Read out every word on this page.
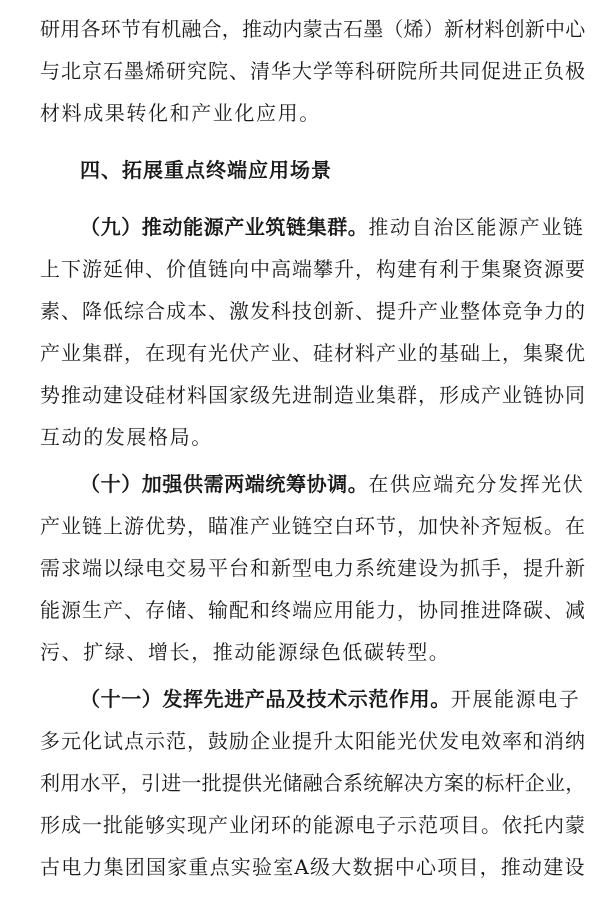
研用各环节有机融合，推动内蒙古石墨（烯）新材料创新中心
与北京石墨烯研究院、清华大学等科研院所共同促进正负极
材料成果转化和产业化应用。
四、拓展重点终端应用场景
（九）推动能源产业筑链集群。推动自治区能源产业链
上下游延伸、价值链向中高端攀升，构建有利于集聚资源要
素、降低综合成本、激发科技创新、提升产业整体竞争力的
产业集群，在现有光伏产业、硅材料产业的基础上，集聚优
势推动建设硅材料国家级先进制造业集群，形成产业链协同
互动的发展格局。
（十）加强供需两端统筹协调。在供应端充分发挥光伏
产业链上游优势，瞄准产业链空白环节，加快补齐短板。在
需求端以绿电交易平台和新型电力系统建设为抓手，提升新
能源生产、存储、输配和终端应用能力，协同推进降碳、减
污、扩绿、增长，推动能源绿色低碳转型。
（十一）发挥先进产品及技术示范作用。开展能源电子
多元化试点示范，鼓励企业提升太阳能光伏发电效率和消纳
利用水平，引进一批提供光储融合系统解决方案的标杆企业，
形成一批能够实现产业闭环的能源电子示范项目。依托内蒙
古电力集团国家重点实验室A级大数据中心项目，推动建设
